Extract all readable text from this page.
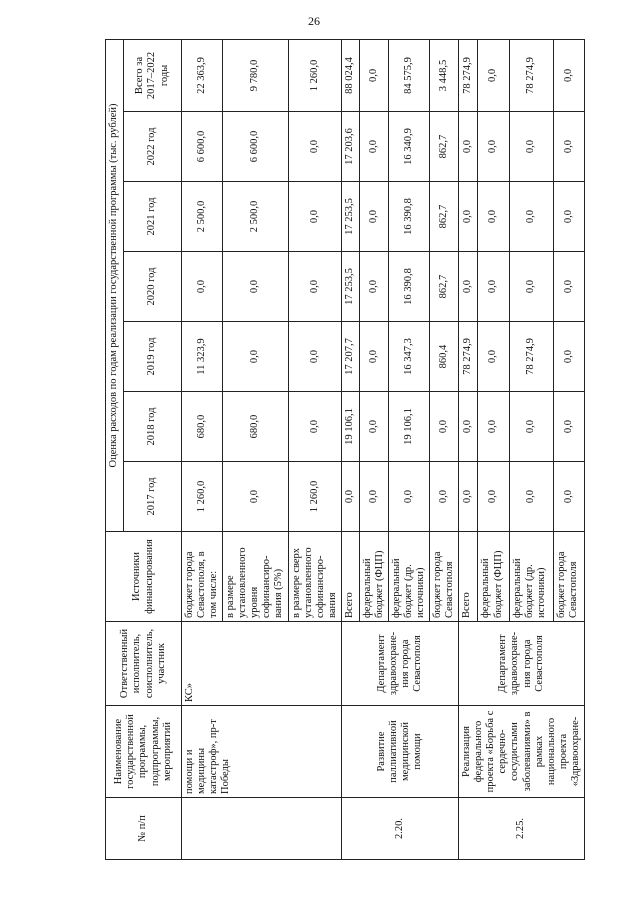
26
№ п/п	Наименование государственной программы, подпрограммы, мероприятий	Ответственный исполнитель, соисполнитель, участник	Источники финансирования	Оценка расходов по годам реализации государственной программы (тыс. рублей)						
				2017 год	2018 год	2019 год	2020 год	2021 год	2022 год	Всего за 2017–2022 годы
	помощи и медицины катастроф», пр-т Победы	КС»	бюджет города Севастополя, в том числе:	1 260,0	680,0	11 323,9	0,0	2 500,0	6 600,0	22 363,9
			в размере установленного уровня софинансиро-вания (5%)	0,0	680,0	0,0	0,0	2 500,0	6 600,0	9 780,0
			в размере сверх установленного софинансиро-вания	1 260,0	0,0	0,0	0,0	0,0	0,0	1 260,0
2.20.	Развитие паллиативной медицинской помощи	Департамент здравоохране-ния города Севастополя	Всего	0,0	19 106,1	17 207,7	17 253,5	17 253,5	17 203,6	88 024,4
			федеральный бюджет (ФЦП)	0,0	0,0	0,0	0,0	0,0	0,0	0,0
			федеральный бюджет (др. источники)	0,0	19 106,1	16 347,3	16 390,8	16 390,8	16 340,9	84 575,9
			бюджет города Севастополя	0,0	0,0	860,4	862,7	862,7	862,7	3 448,5
2.25.	Реализация федерального проекта «Борьба с сердечно-сосудистыми заболеваниями» в рамках национального проекта «Здравоохране-	Департамент здравоохране-ния города Севастополя	Всего	0,0	0,0	78 274,9	0,0	0,0	0,0	78 274,9
			федеральный бюджет (ФЦП)	0,0	0,0	0,0	0,0	0,0	0,0	0,0
			федеральный бюджет (др. источники)	0,0	0,0	78 274,9	0,0	0,0	0,0	78 274,9
			бюджет города Севастополя	0,0	0,0	0,0	0,0	0,0	0,0	0,0
